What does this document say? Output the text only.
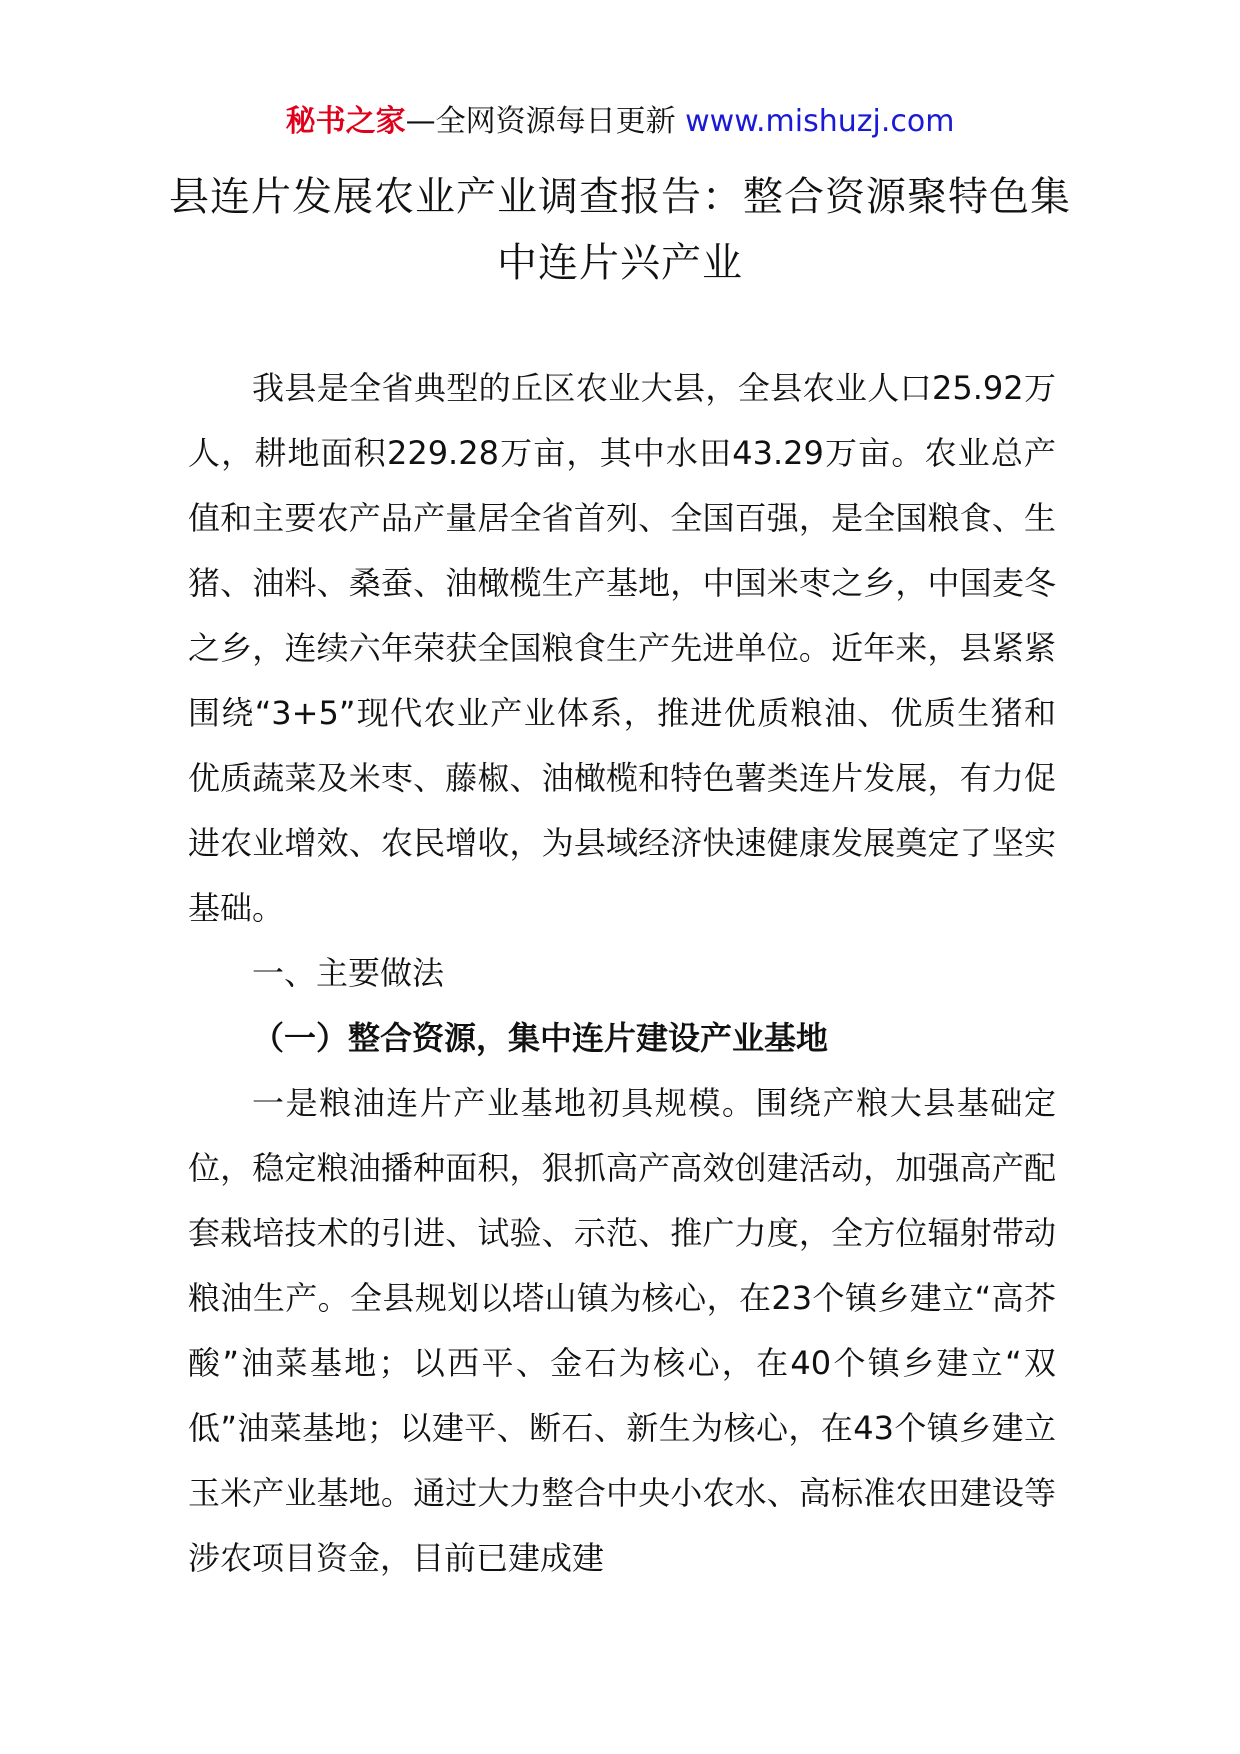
秘书之家—全网资源每日更新 www.mishuzj.com
县连片发展农业产业调查报告：整合资源聚特色集中连片兴产业

我县是全省典型的丘区农业大县，全县农业人口25.92万人，耕地面积229.28万亩，其中水田43.29万亩。农业总产值和主要农产品产量居全省首列、全国百强，是全国粮食、生猪、油料、桑蚕、油橄榄生产基地，中国米枣之乡，中国麦冬之乡，连续六年荣获全国粮食生产先进单位。近年来，县紧紧围绕“3+5”现代农业产业体系，推进优质粮油、优质生猪和优质蔬菜及米枣、藤椒、油橄榄和特色薯类连片发展，有力促进农业增效、农民增收，为县域经济快速健康发展奠定了坚实基础。

一、主要做法

（一）整合资源，集中连片建设产业基地

一是粮油连片产业基地初具规模。围绕产粮大县基础定位，稳定粮油播种面积，狠抓高产高效创建活动，加强高产配套栽培技术的引进、试验、示范、推广力度，全方位辐射带动粮油生产。全县规划以塔山镇为核心，在23个镇乡建立“高芥酸”油菜基地；以西平、金石为核心，在40个镇乡建立“双低”油菜基地；以建平、断石、新生为核心，在43个镇乡建立玉米产业基地。通过大力整合中央小农水、高标准农田建设等涉农项目资金，目前已建成建
